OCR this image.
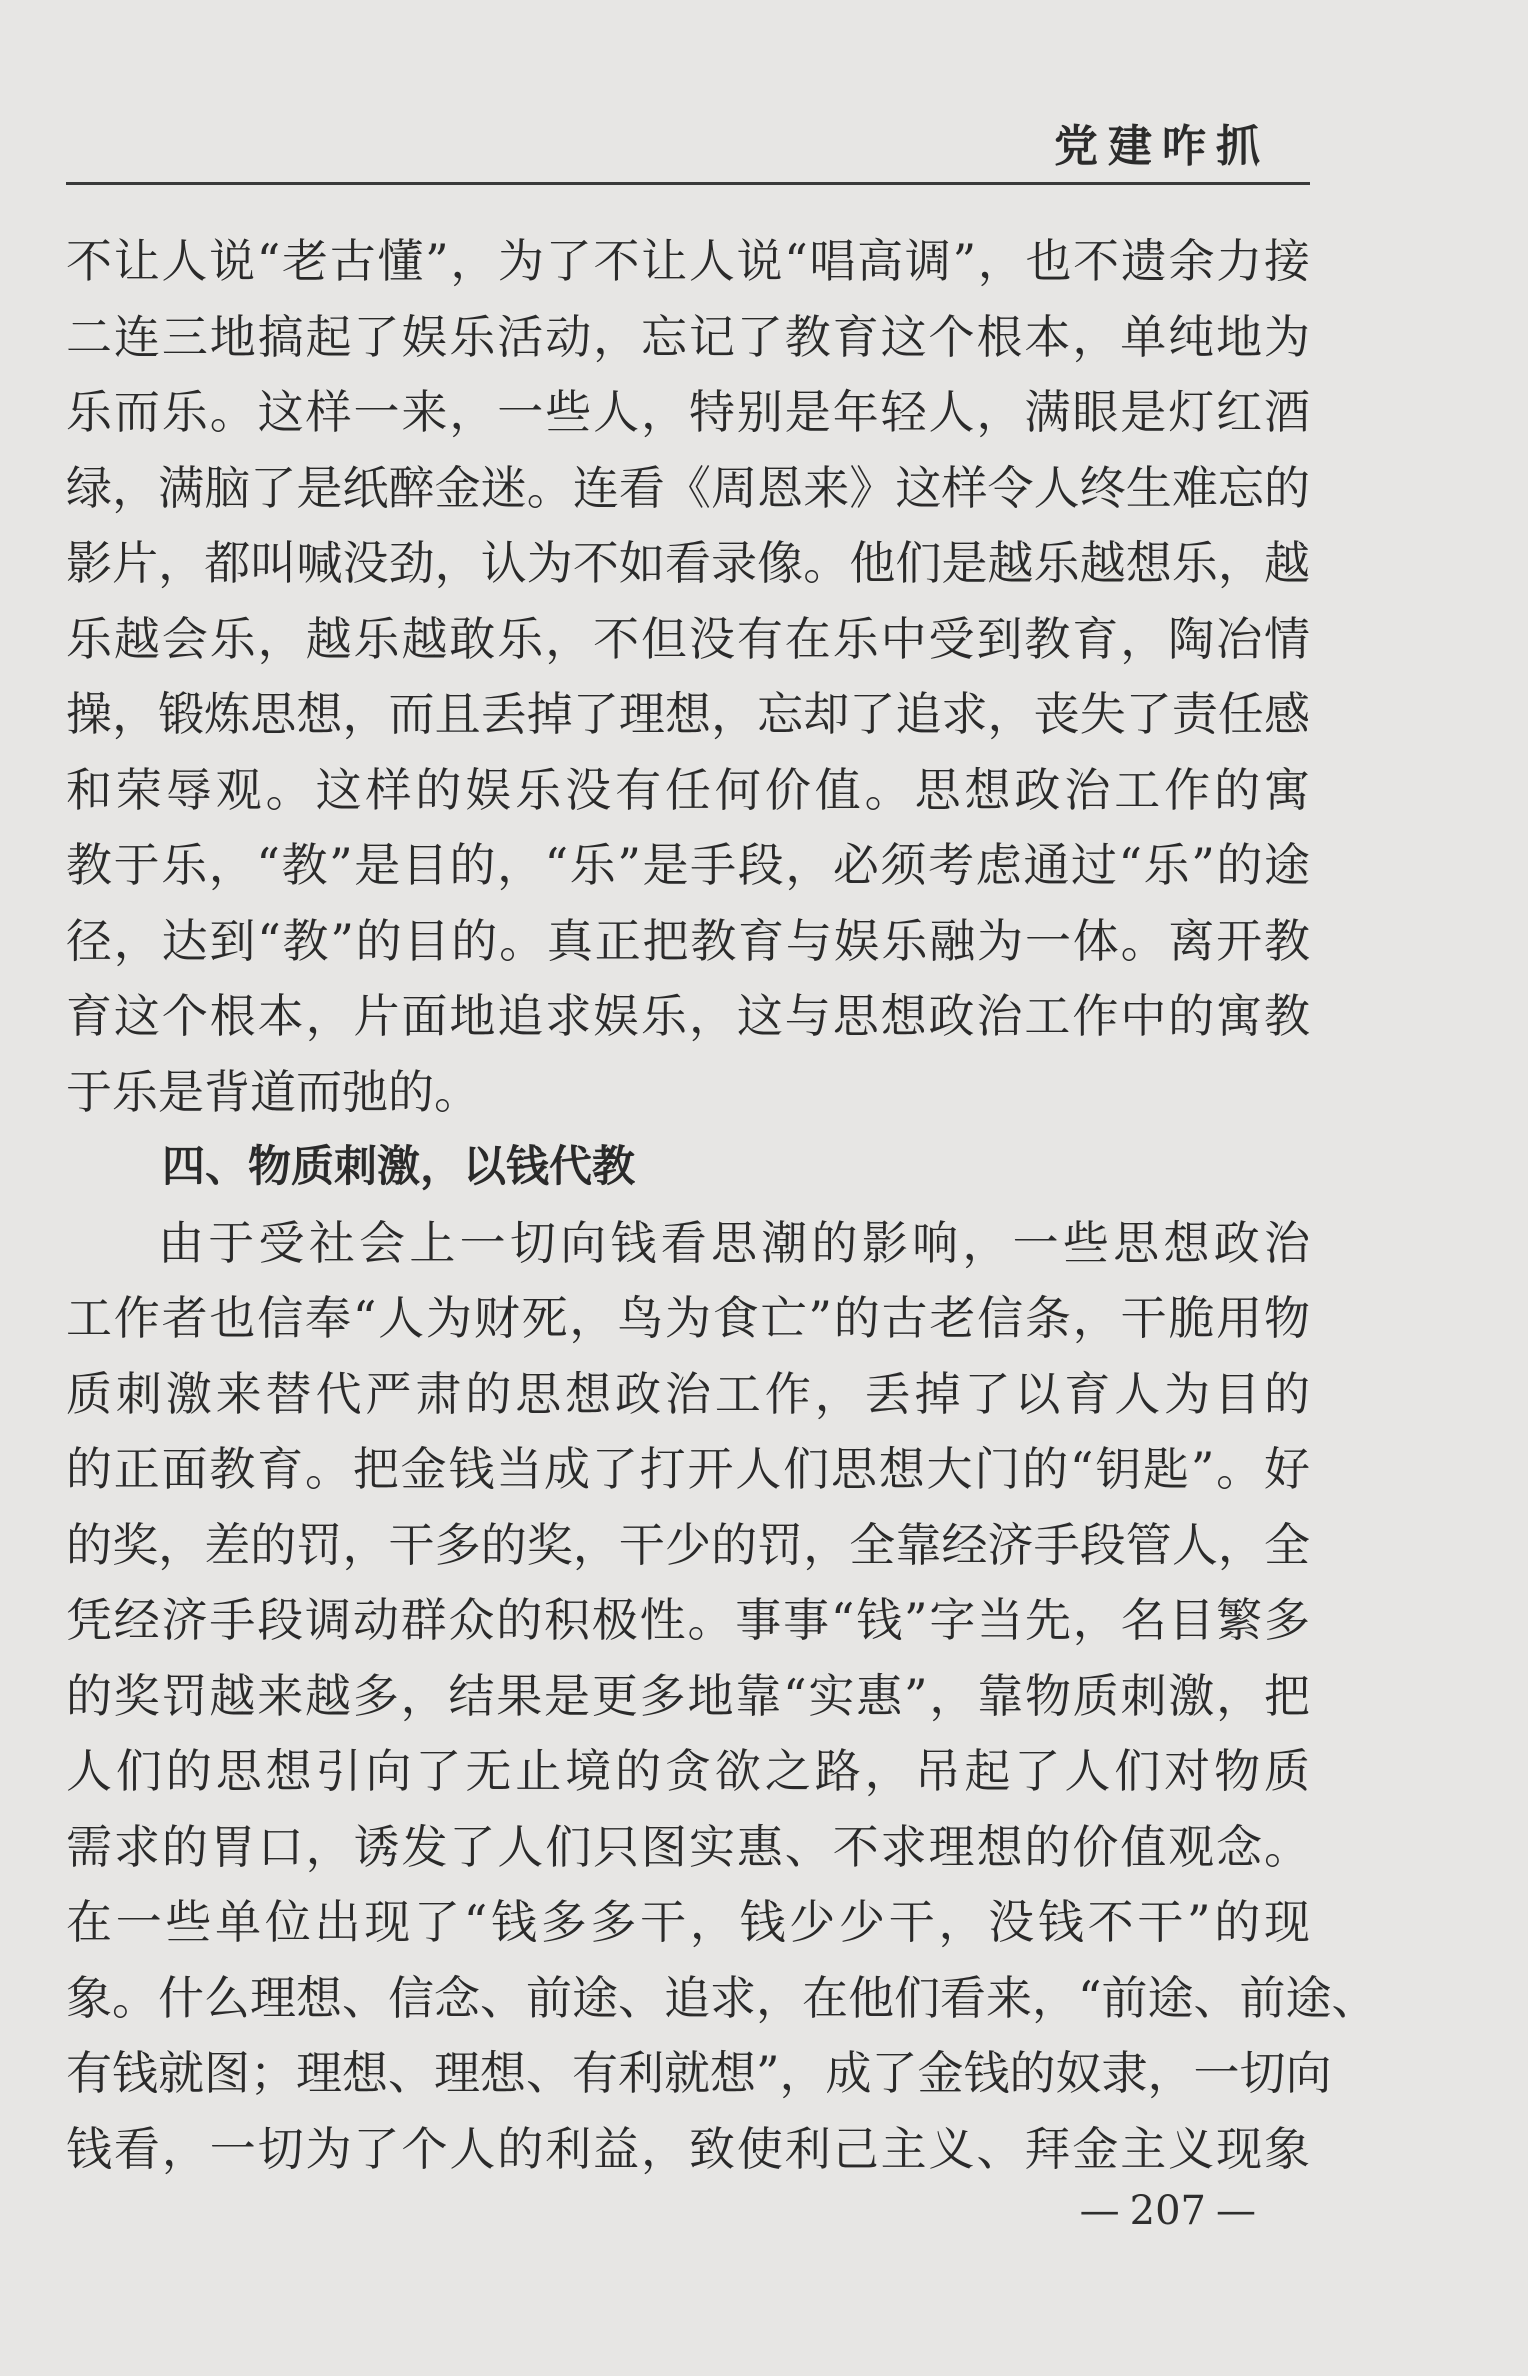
党建咋抓
不让人说“老古懂”，为了不让人说“唱高调”，也不遗余力接
二连三地搞起了娱乐活动，忘记了教育这个根本，单纯地为
乐而乐。这样一来，一些人，特别是年轻人，满眼是灯红酒
绿，满脑了是纸醉金迷。连看《周恩来》这样令人终生难忘的
影片，都叫喊没劲，认为不如看录像。他们是越乐越想乐，越
乐越会乐，越乐越敢乐，不但没有在乐中受到教育，陶冶情
操，锻炼思想，而且丢掉了理想，忘却了追求，丧失了责任感
和荣辱观。这样的娱乐没有任何价值。思想政治工作的寓
教于乐，“教”是目的，“乐”是手段，必须考虑通过“乐”的途
径，达到“教”的目的。真正把教育与娱乐融为一体。离开教
育这个根本，片面地追求娱乐，这与思想政治工作中的寓教
于乐是背道而弛的。
四、物质刺激，以钱代教
由于受社会上一切向钱看思潮的影响，一些思想政治
工作者也信奉“人为财死，鸟为食亡”的古老信条，干脆用物
质刺激来替代严肃的思想政治工作，丢掉了以育人为目的
的正面教育。把金钱当成了打开人们思想大门的“钥匙”。好
的奖，差的罚，干多的奖，干少的罚，全靠经济手段管人，全
凭经济手段调动群众的积极性。事事“钱”字当先，名目繁多
的奖罚越来越多，结果是更多地靠“实惠”，靠物质刺激，把
人们的思想引向了无止境的贪欲之路，吊起了人们对物质
需求的胃口，诱发了人们只图实惠、不求理想的价值观念。
在一些单位出现了“钱多多干，钱少少干，没钱不干”的现
象。什么理想、信念、前途、追求，在他们看来，“前途、前途、
有钱就图；理想、理想、有利就想”，成了金钱的奴隶，一切向
钱看，一切为了个人的利益，致使利己主义、拜金主义现象
— 207 —
